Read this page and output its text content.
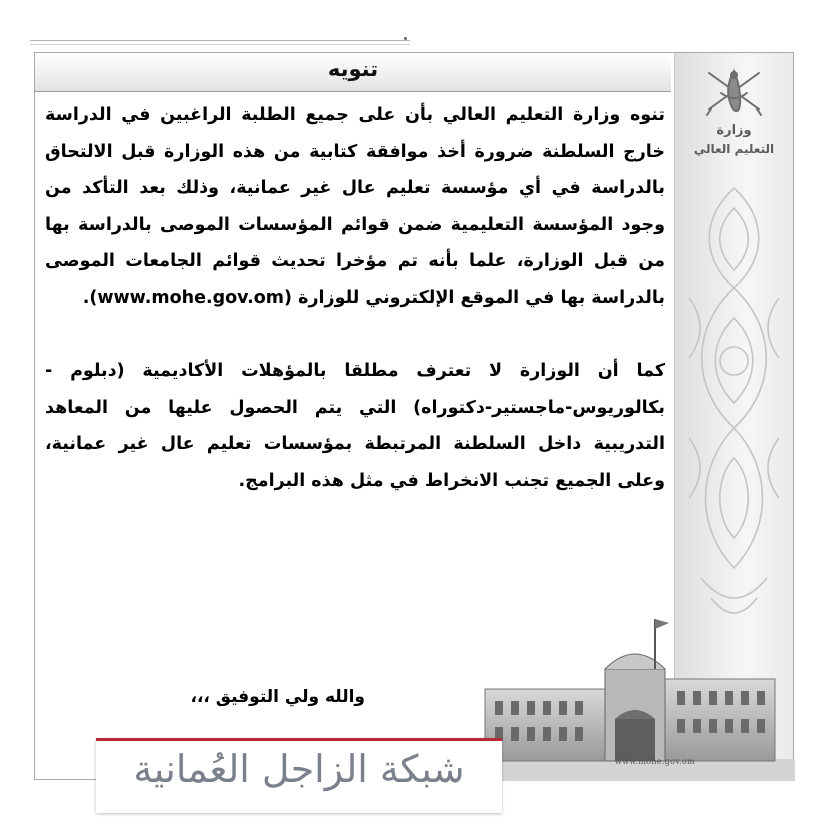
تنويه

تنوه وزارة التعليم العالي بأن على جميع الطلبة الراغبين في الدراسة خارج السلطنة ضرورة أخذ موافقة كتابية من هذه الوزارة قبل الالتحاق بالدراسة في أي مؤسسة تعليم عال غير عمانية، وذلك بعد التأكد من وجود المؤسسة التعليمية ضمن قوائم المؤسسات الموصى بالدراسة بها من قبل الوزارة، علما بأنه تم مؤخرا تحديث قوائم الجامعات الموصى بالدراسة بها في الموقع الإلكتروني للوزارة (www.mohe.gov.om).

كما أن الوزارة لا تعترف مطلقا بالمؤهلات الأكاديمية (دبلوم - بكالوريوس-ماجستير-دكتوراه) التي يتم الحصول عليها من المعاهد التدريبية داخل السلطنة المرتبطة بمؤسسات تعليم عال غير عمانية، وعلى الجميع تجنب الانخراط في مثل هذه البرامج.

والله ولي التوفيق ،،،
وزارة
التعليم العالي
www.mohe.gov.om
شبكة الزاجل العُمانية
